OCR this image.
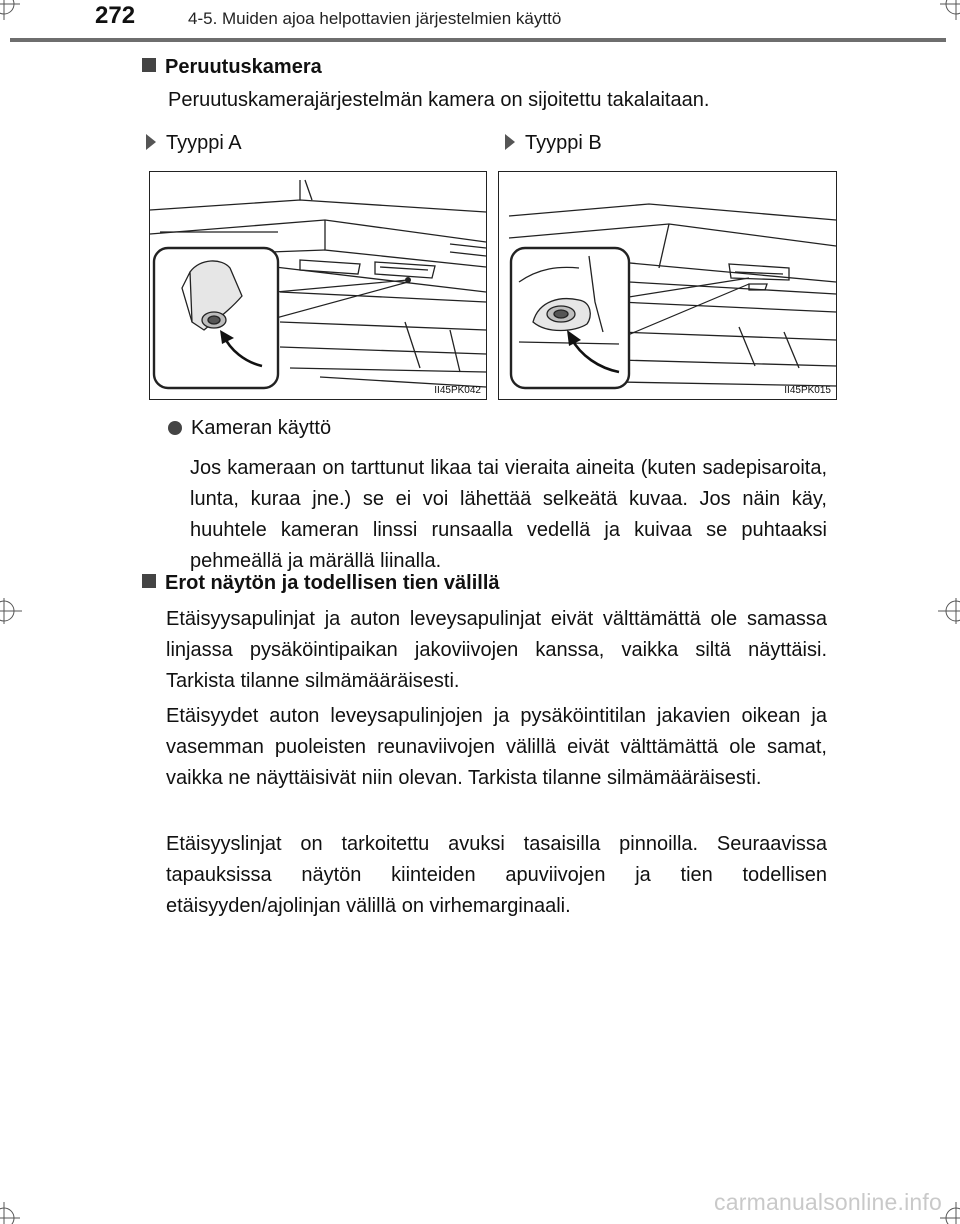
272	4-5. Muiden ajoa helpottavien järjestelmien käyttö
Peruutuskamera

Peruutuskamerajärjestelmän kamera on sijoitettu takalaitaan.

Tyyppi A	Tyyppi B
II45PK042	II45PK015
Kameran käyttö

Jos kameraan on tarttunut likaa tai vieraita aineita (kuten sadepisaroita, lunta, kuraa jne.) se ei voi lähettää selkeätä kuvaa. Jos näin käy, huuhtele kameran linssi runsaalla vedellä ja kuivaa se puhtaaksi pehmeällä ja märällä liinalla.

Erot näytön ja todellisen tien välillä

Etäisyysapulinjat ja auton leveysapulinjat eivät välttämättä ole samassa linjassa pysäköintipaikan jakoviivojen kanssa, vaikka siltä näyttäisi. Tarkista tilanne silmämääräisesti.

Etäisyydet auton leveysapulinjojen ja pysäköintitilan jakavien oikean ja vasemman puoleisten reunaviivojen välillä eivät välttämättä ole samat, vaikka ne näyttäisivät niin olevan. Tarkista tilanne silmämääräisesti.

Etäisyyslinjat on tarkoitettu avuksi tasaisilla pinnoilla. Seuraavissa tapauksissa näytön kiinteiden apuviivojen ja tien todellisen etäisyyden/ajolinjan välillä on virhemarginaali.

carmanualsonline.info
